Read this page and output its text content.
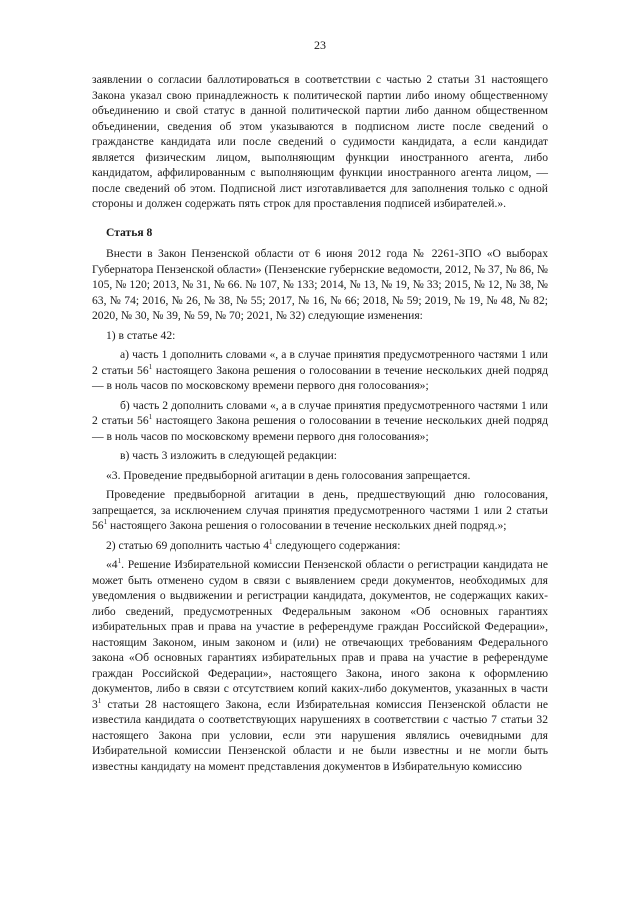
23

заявлении о согласии баллотироваться в соответствии с частью 2 статьи 31 настоящего Закона указал свою принадлежность к политической партии либо иному общественному объединению и свой статус в данной политической партии либо данном общественном объединении, сведения об этом указываются в подписном листе после сведений о гражданстве кандидата или после сведений о судимости кандидата, а если кандидат является физическим лицом, выполняющим функции иностранного агента, либо кандидатом, аффилированным с выполняющим функции иностранного агента лицом, — после сведений об этом. Подписной лист изготавливается для заполнения только с одной стороны и должен содержать пять строк для проставления подписей избирателей.».

Статья 8

Внести в Закон Пензенской области от 6 июня 2012 года № 2261-ЗПО «О выборах Губернатора Пензенской области» (Пензенские губернские ведомости, 2012, № 37, № 86, № 105, № 120; 2013, № 31, № 66. № 107, № 133; 2014, № 13, № 19, № 33; 2015, № 12, № 38, № 63, № 74; 2016, № 26, № 38, № 55; 2017, № 16, № 66; 2018, № 59; 2019, № 19, № 48, № 82; 2020, № 30, № 39, № 59, № 70; 2021, № 32) следующие изменения:

1) в статье 42:

а) часть 1 дополнить словами «, а в случае принятия предусмотренного частями 1 или 2 статьи $56^1$ настоящего Закона решения о голосовании в течение нескольких дней подряд — в ноль часов по московскому времени первого дня голосования»;

б) часть 2 дополнить словами «, а в случае принятия предусмотренного частями 1 или 2 статьи $56^1$ настоящего Закона решения о голосовании в течение нескольких дней подряд — в ноль часов по московскому времени первого дня голосования»;

в) часть 3 изложить в следующей редакции:

«3. Проведение предвыборной агитации в день голосования запрещается.

Проведение предвыборной агитации в день, предшествующий дню голосования, запрещается, за исключением случая принятия предусмотренного частями 1 или 2 статьи $56^1$ настоящего Закона решения о голосовании в течение нескольких дней подряд.»;

2) статью 69 дополнить частью $4^1$ следующего содержания:

«$4^1$. Решение Избирательной комиссии Пензенской области о регистрации кандидата не может быть отменено судом в связи с выявлением среди документов, необходимых для уведомления о выдвижении и регистрации кандидата, документов, не содержащих каких-либо сведений, предусмотренных Федеральным законом «Об основных гарантиях избирательных прав и права на участие в референдуме граждан Российской Федерации», настоящим Законом, иным законом и (или) не отвечающих требованиям Федерального закона «Об основных гарантиях избирательных прав и права на участие в референдуме граждан Российской Федерации», настоящего Закона, иного закона к оформлению документов, либо в связи с отсутствием копий каких-либо документов, указанных в части $3^1$ статьи 28 настоящего Закона, если Избирательная комиссия Пензенской области не известила кандидата о соответствующих нарушениях в соответствии с частью 7 статьи 32 настоящего Закона при условии, если эти нарушения являлись очевидными для Избирательной комиссии Пензенской области и не были известны и не могли быть известны кандидату на момент представления документов в Избирательную комиссию
